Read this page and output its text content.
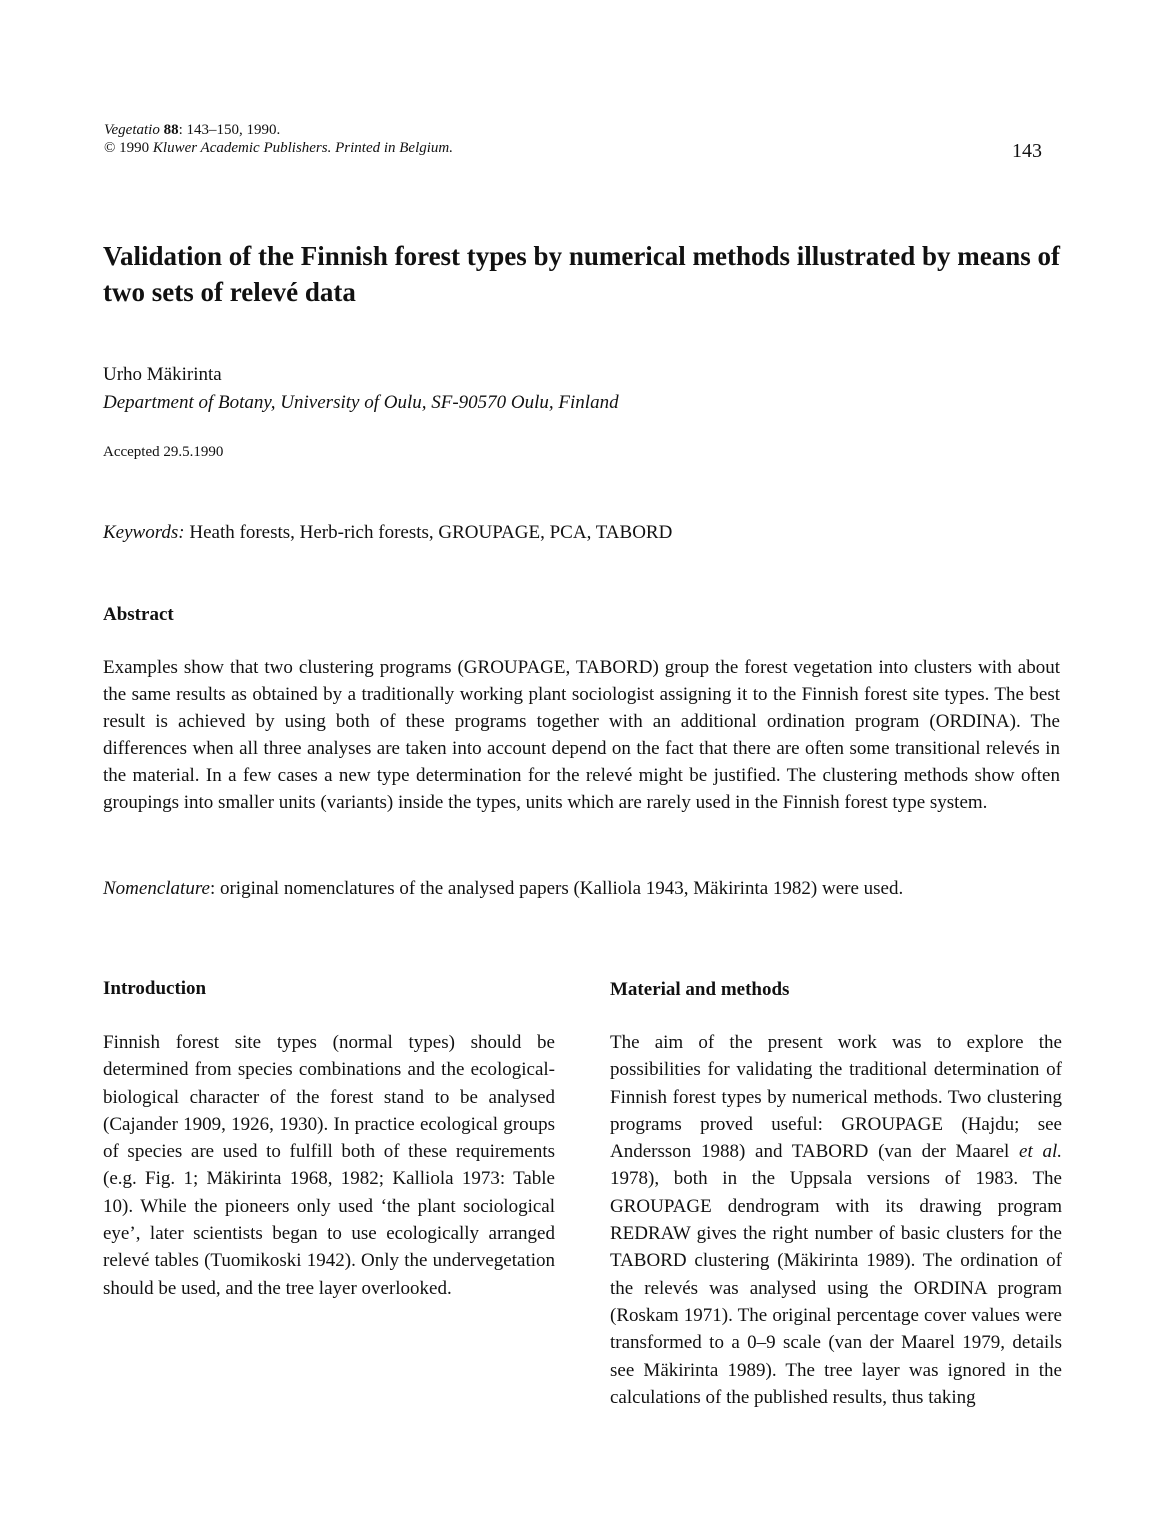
Vegetatio 88: 143–150, 1990.
© 1990 Kluwer Academic Publishers. Printed in Belgium.	143
Validation of the Finnish forest types by numerical methods illustrated by means of two sets of relevé data
Urho Mäkirinta
Department of Botany, University of Oulu, SF-90570 Oulu, Finland
Accepted 29.5.1990
Keywords: Heath forests, Herb-rich forests, GROUPAGE, PCA, TABORD
Abstract

Examples show that two clustering programs (GROUPAGE, TABORD) group the forest vegetation into clusters with about the same results as obtained by a traditionally working plant sociologist assigning it to the Finnish forest site types. The best result is achieved by using both of these programs together with an additional ordination program (ORDINA). The differences when all three analyses are taken into account depend on the fact that there are often some transitional relevés in the material. In a few cases a new type determination for the relevé might be justified. The clustering methods show often groupings into smaller units (variants) inside the types, units which are rarely used in the Finnish forest type system.

Nomenclature: original nomenclatures of the analysed papers (Kalliola 1943, Mäkirinta 1982) were used.

Introduction

Finnish forest site types (normal types) should be determined from species combinations and the ecological-biological character of the forest stand to be analysed (Cajander 1909, 1926, 1930). In practice ecological groups of species are used to fulfill both of these requirements (e.g. Fig. 1; Mäkirinta 1968, 1982; Kalliola 1973: Table 10). While the pioneers only used ‘the plant sociological eye’, later scientists began to use ecologically arranged relevé tables (Tuomikoski 1942). Only the undervegetation should be used, and the tree layer overlooked.

Material and methods

The aim of the present work was to explore the possibilities for validating the traditional determination of Finnish forest types by numerical methods. Two clustering programs proved useful: GROUPAGE (Hajdu; see Andersson 1988) and TABORD (van der Maarel et al. 1978), both in the Uppsala versions of 1983. The GROUPAGE dendrogram with its drawing program REDRAW gives the right number of basic clusters for the TABORD clustering (Mäkirinta 1989). The ordination of the relevés was analysed using the ORDINA program (Roskam 1971). The original percentage cover values were transformed to a 0–9 scale (van der Maarel 1979, details see Mäkirinta 1989). The tree layer was ignored in the calculations of the published results, thus taking
